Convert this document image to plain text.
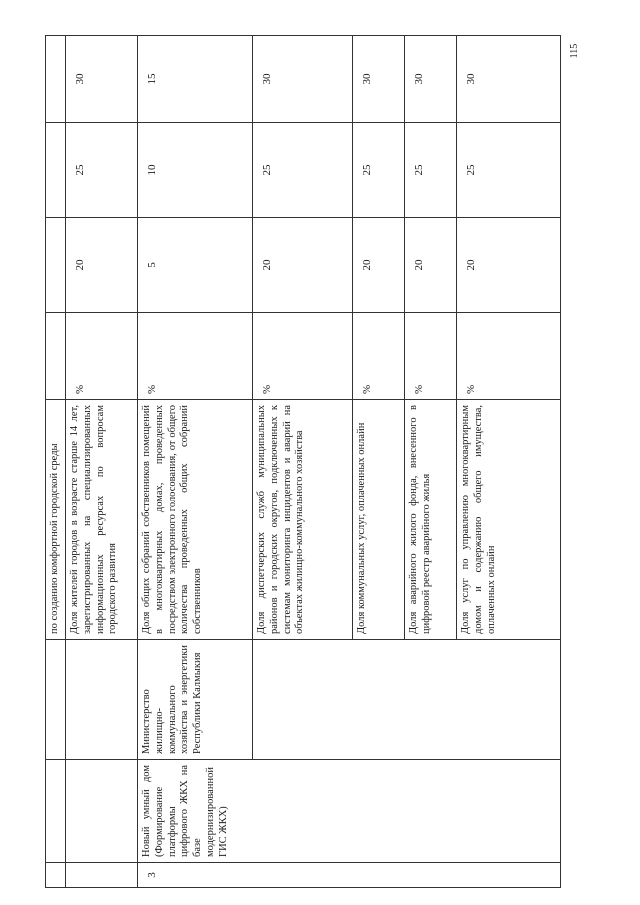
115
			по созданию комфортной городской среды				
			Доля жителей городов в возрасте старше 14 лет, зарегистрированных на специализированных информационных ресурсах по вопросам городского развития	%	20	25	30
3	Новый умный дом (Формирование платформы цифрового ЖКХ на базе модернизированной ГИС ЖКХ)	Министерство жилищно-коммунального хозяйства и энергетики Республики Калмыкия	Доля общих собраний собственников помещений в многоквартирных домах, проведенных посредством электронного голосования, от общего количества проведенных общих собраний собственников	%	5	10	15
			Доля диспетчерских служб муниципальных районов и городских округов, подключенных к системам мониторинга инцидентов и аварий на объектах жилищно-коммунального хозяйства	%	20	25	30
			Доля коммунальных услуг, оплаченных онлайн	%	20	25	30
			Доля аварийного жилого фонда, внесенного в цифровой реестр аварийного жилья	%	20	25	30
			Доля услуг по управлению многоквартирным домом и содержанию общего имущества, оплаченных онлайн	%	20	25	30
